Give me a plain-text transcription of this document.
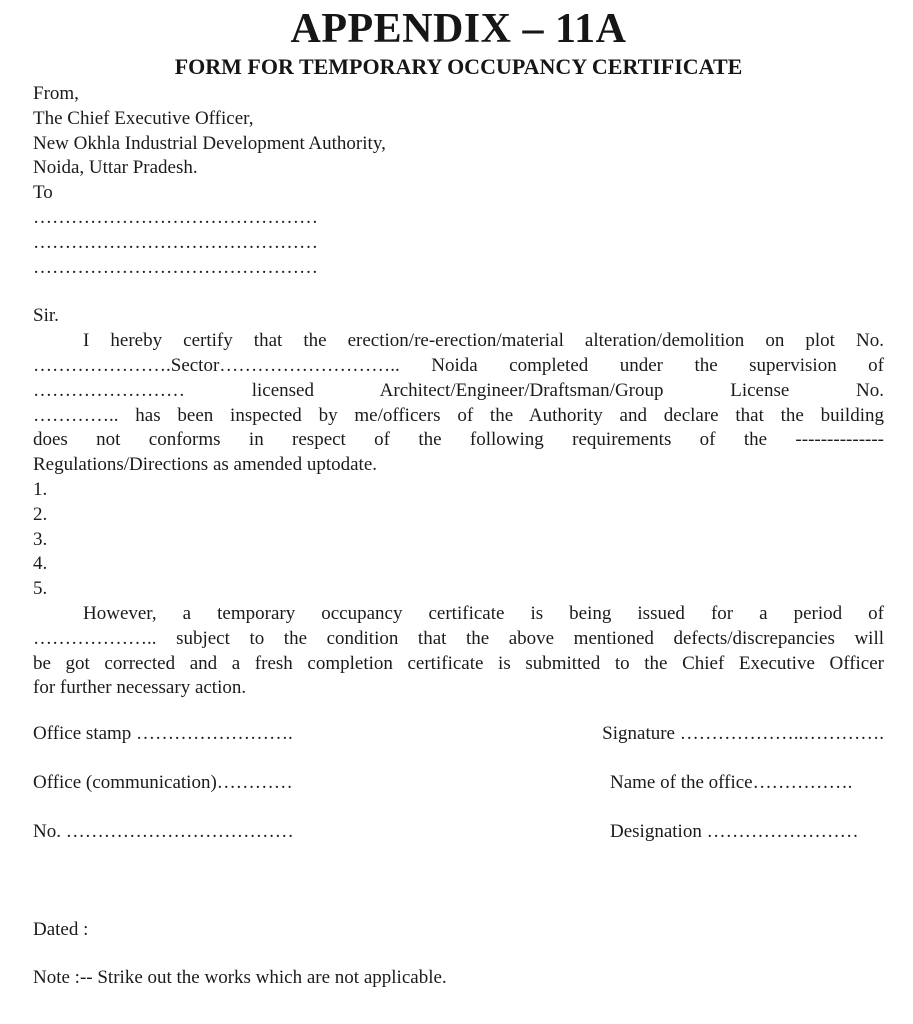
APPENDIX – 11A
FORM FOR TEMPORARY OCCUPANCY CERTIFICATE
From,
The Chief Executive Officer,
New Okhla Industrial Development Authority,
Noida, Uttar Pradesh.
To
………………………………………
………………………………………
………………………………………
Sir.
I hereby certify that the erection/re-erection/material alteration/demolition on plot No.
………………….Sector……………………….. Noida completed under the supervision of
…………………… licensed Architect/Engineer/Draftsman/Group License No.
………….. has been inspected by me/officers of the Authority and declare that the building
does not conforms in respect of the following requirements of the --------------
Regulations/Directions as amended uptodate.
1.
2.
3.
4.
5.
However, a temporary occupancy certificate is being issued for a period of
……………….. subject to the condition that the above mentioned defects/discrepancies will
be got corrected and a fresh completion certificate is submitted to the Chief Executive Officer
for further necessary action.
Office stamp …………………….	Signature ………………..………….
Office (communication)…………	Name of the office…………….
No. ………………………………	Designation ……………………
Dated :
Note :-- Strike out the works which are not applicable.
